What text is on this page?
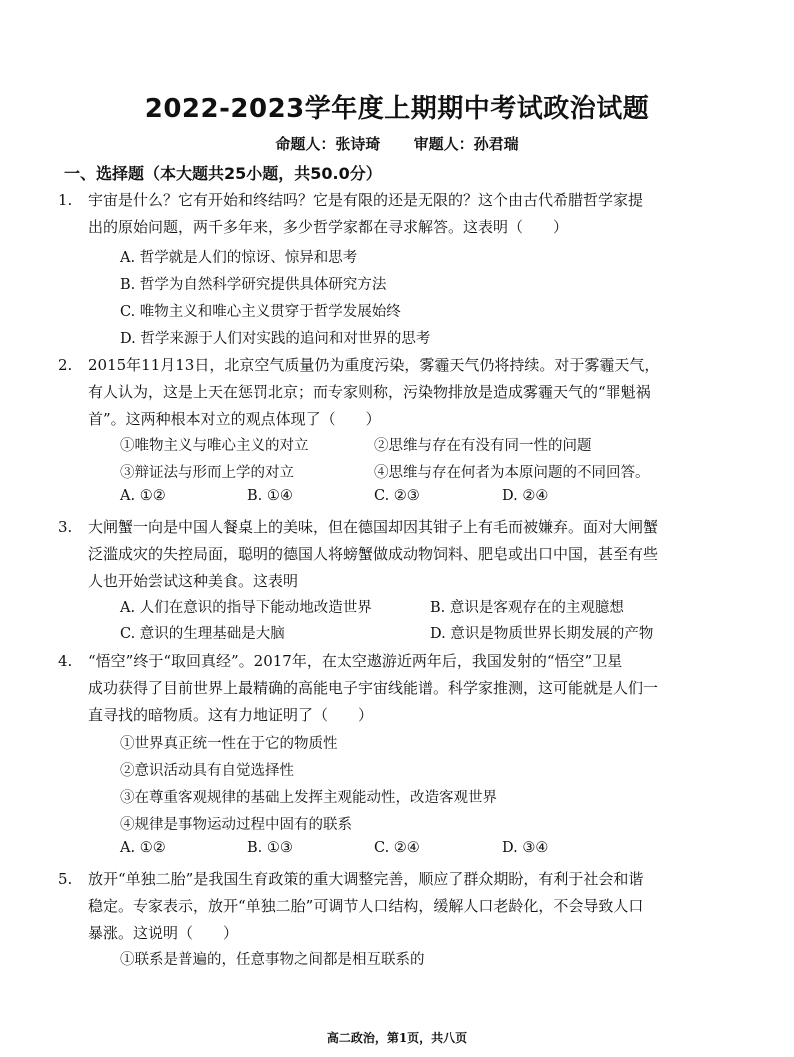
2022-2023学年度上期期中考试政治试题
命题人：张诗琦 审题人：孙君瑞
一、选择题（本大题共25小题，共50.0分）
1. 宇宙是什么？它有开始和终结吗？它是有限的还是无限的？这个由古代希腊哲学家提
出的原始问题，两千多年来，多少哲学家都在寻求解答。这表明（　　）
A. 哲学就是人们的惊讶、惊异和思考
B. 哲学为自然科学研究提供具体研究方法
C. 唯物主义和唯心主义贯穿于哲学发展始终
D. 哲学来源于人们对实践的追问和对世界的思考
2. 2015年11月13日，北京空气质量仍为重度污染，雾霾天气仍将持续。对于雾霾天气，
有人认为，这是上天在惩罚北京；而专家则称，污染物排放是造成雾霾天气的“罪魁祸
首”。这两种根本对立的观点体现了（　　）
①唯物主义与唯心主义的对立	②思维与存在有没有同一性的问题
③辩证法与形而上学的对立	④思维与存在何者为本原问题的不同回答。
A. ①②	B. ①④	C. ②③	D. ②④
3. 大闸蟹一向是中国人餐桌上的美味，但在德国却因其钳子上有毛而被嫌弃。面对大闸蟹
泛滥成灾的失控局面，聪明的德国人将螃蟹做成动物饲料、肥皂或出口中国，甚至有些
人也开始尝试这种美食。这表明
A. 人们在意识的指导下能动地改造世界	B. 意识是客观存在的主观臆想
C. 意识的生理基础是大脑	D. 意识是物质世界长期发展的产物
4. “悟空”终于“取回真经”。2017年，在太空遨游近两年后，我国发射的“悟空”卫星
成功获得了目前世界上最精确的高能电子宇宙线能谱。科学家推测，这可能就是人们一
直寻找的暗物质。这有力地证明了（　　）
①世界真正统一性在于它的物质性
②意识活动具有自觉选择性
③在尊重客观规律的基础上发挥主观能动性，改造客观世界
④规律是事物运动过程中固有的联系
A. ①②	B. ①③	C. ②④	D. ③④
5. 放开“单独二胎”是我国生育政策的重大调整完善，顺应了群众期盼，有利于社会和谐
稳定。专家表示，放开“单独二胎”可调节人口结构，缓解人口老龄化，不会导致人口
暴涨。这说明（　　）
①联系是普遍的，任意事物之间都是相互联系的
高二政治，第1页，共八页
